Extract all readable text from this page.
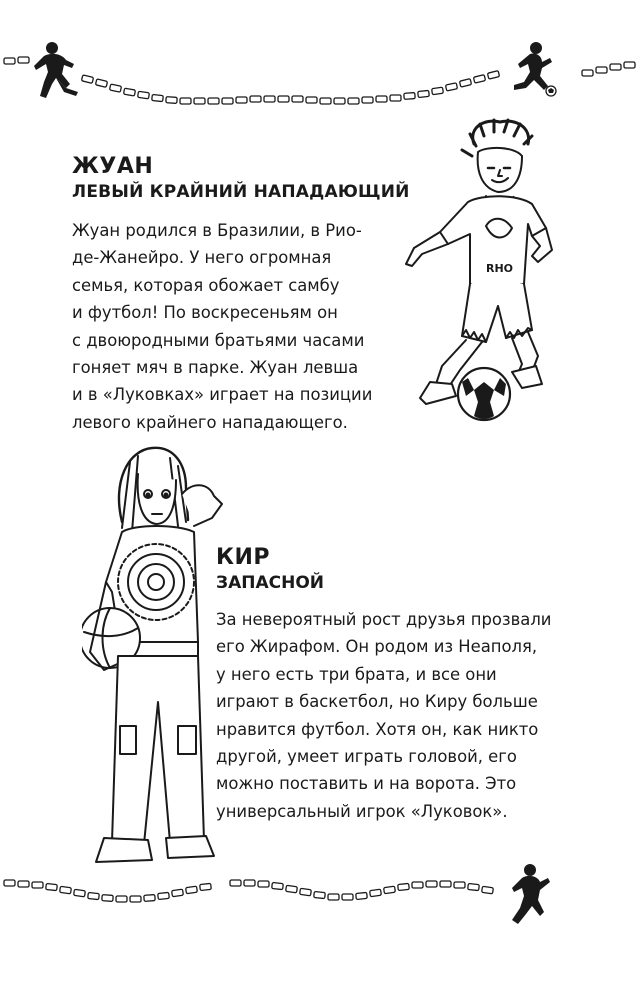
ЖУАН
ЛЕВЫЙ КРАЙНИЙ НАПАДАЮЩИЙ
Жуан родился в Бразилии, в Рио-
де-Жанейро. У него огромная
семья, которая обожает самбу
и футбол! По воскресеньям он
с двоюродными братьями часами
гоняет мяч в парке. Жуан левша
и в «Луковках» играет на позиции
левого крайнего нападающего.
RHO
КИР
ЗАПАСНОЙ
За невероятный рост друзья прозвали
его Жирафом. Он родом из Неаполя,
у него есть три брата, и все они
играют в баскетбол, но Киру больше
нравится футбол. Хотя он, как никто
другой, умеет играть головой, его
можно поставить и на ворота. Это
универсальный игрок «Луковок».
